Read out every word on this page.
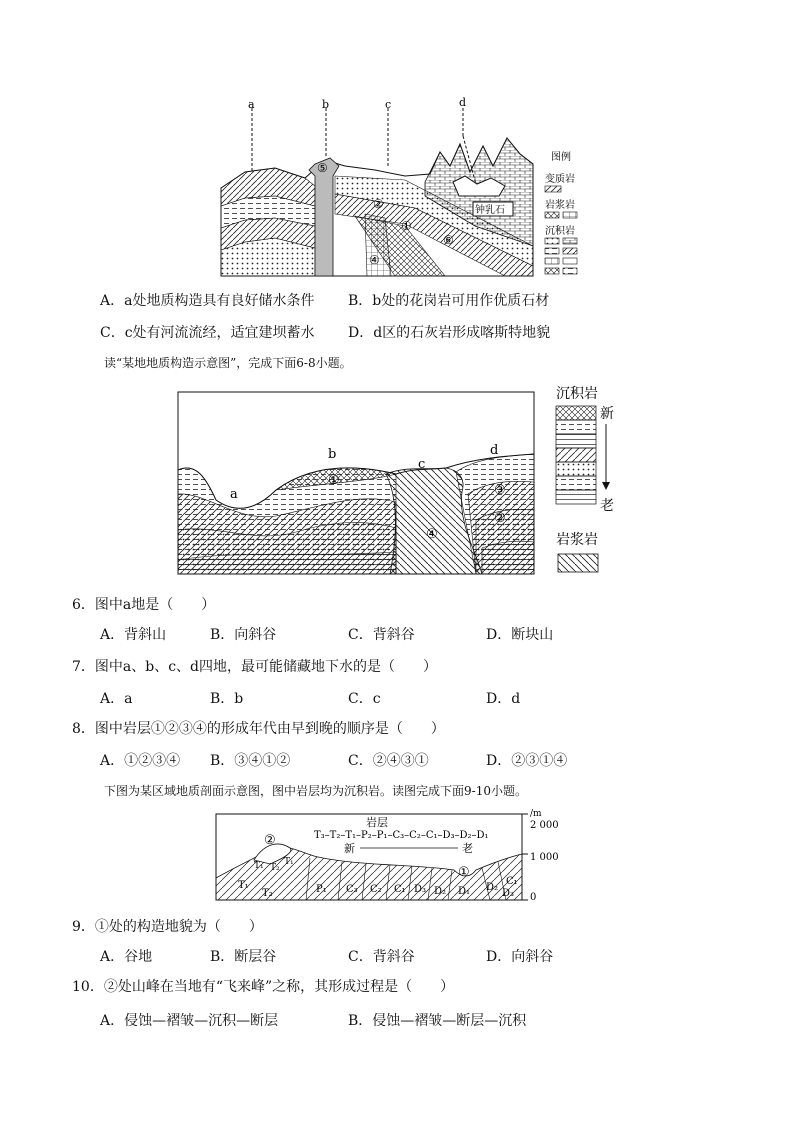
a	b	c	d
钟乳石
⑤
②
①
⑥
④
图例
变质岩
岩浆岩
沉积岩
A．a处地质构造具有良好储水条件 B．b处的花岗岩可用作优质石材
C．c处有河流流经，适宜建坝蓄水 D．d区的石灰岩形成喀斯特地貌
读“某地地质构造示意图”，完成下面6-8小题。
a
b
c
d
①
②
③
④
沉积岩
新
老
岩浆岩
6．图中a地是（　　）
A．背斜山	B．向斜谷	C．背斜谷	D．断块山
7．图中a、b、c、d四地，最可能储藏地下水的是（　　）
A．a	B．b	C．c	D．d
8．图中岩层①②③④的形成年代由早到晚的顺序是（　　）
A．①②③④ B．③④①②	C．②④③①	D．②③①④
下图为某区域地质剖面示意图，图中岩层均为沉积岩。读图完成下面9-10小题。
/m
2 000
1 000
0
岩层
T₃–T₂–T₁–P₂–P₁–C₃–C₂–C₁–D₃–D₂–D₁
新	老
②
①
T₁ T₂
T₁
T₁
T₂	P₁ C₃ C₂ C₁ D₃ D₂ D₁ D₂
D₃
C₁
9．①处的构造地貌为（　　）
A．谷地	B．断层谷	C．背斜谷	D．向斜谷
10．②处山峰在当地有“飞来峰”之称，其形成过程是（　　）
A．侵蚀—褶皱—沉积—断层	B．侵蚀—褶皱—断层—沉积
